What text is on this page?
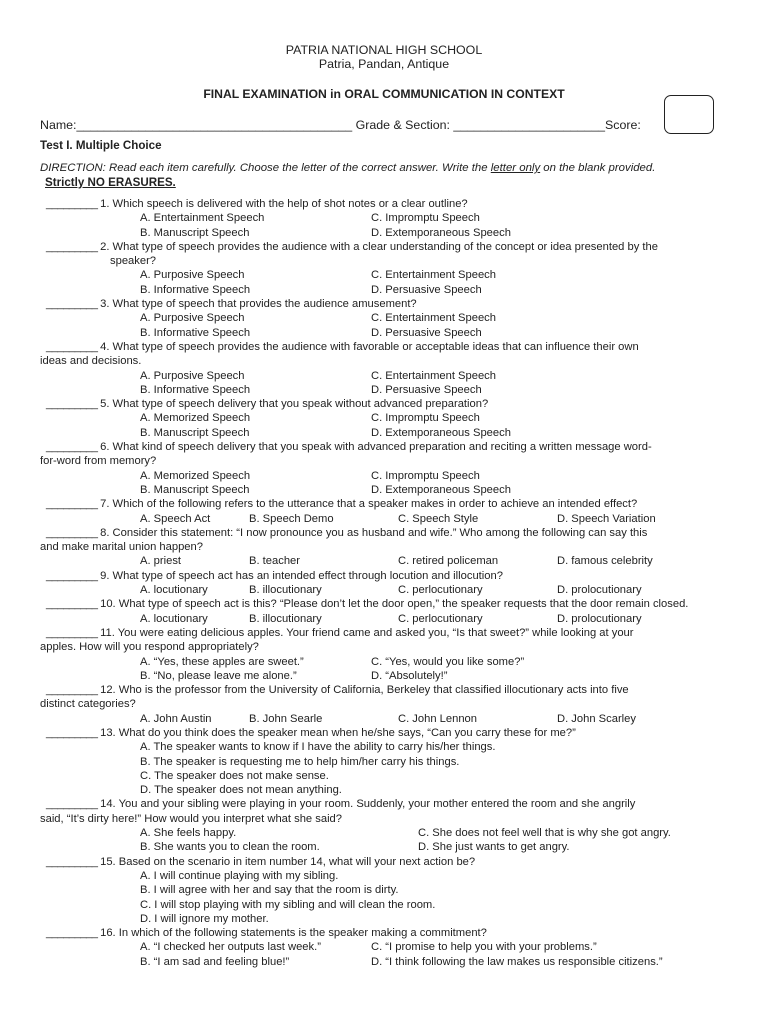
PATRIA NATIONAL HIGH SCHOOL
Patria, Pandan, Antique
FINAL EXAMINATION in ORAL COMMUNICATION IN CONTEXT
Name:________________________________________ Grade & Section: ______________________Score:
Test I. Multiple Choice
DIRECTION: Read each item carefully. Choose the letter of the correct answer. Write the letter only on the blank provided.
Strictly NO ERASURES.
_________ 1. Which speech is delivered with the help of shot notes or a clear outline?
A. Entertainment Speech	C. Impromptu Speech
B. Manuscript Speech	D. Extemporaneous Speech
_________ 2. What type of speech provides the audience with a clear understanding of the concept or idea presented by the
speaker?
A. Purposive Speech	C. Entertainment Speech
B. Informative Speech	D. Persuasive Speech
_________ 3. What type of speech that provides the audience amusement?
A. Purposive Speech	C. Entertainment Speech
B. Informative Speech	D. Persuasive Speech
_________ 4. What type of speech provides the audience with favorable or acceptable ideas that can influence their own
ideas and decisions.
A. Purposive Speech	C. Entertainment Speech
B. Informative Speech	D. Persuasive Speech
_________ 5. What type of speech delivery that you speak without advanced preparation?
A. Memorized Speech	C. Impromptu Speech
B. Manuscript Speech	D. Extemporaneous Speech
_________ 6. What kind of speech delivery that you speak with advanced preparation and reciting a written message word-
for-word from memory?
A. Memorized Speech	C. Impromptu Speech
B. Manuscript Speech	D. Extemporaneous Speech
_________ 7. Which of the following refers to the utterance that a speaker makes in order to achieve an intended effect?
A. Speech Act	B. Speech Demo	C. Speech Style	D. Speech Variation
_________ 8. Consider this statement: “I now pronounce you as husband and wife.” Who among the following can say this
and make marital union happen?
A. priest	B. teacher	C. retired policeman	D. famous celebrity
_________ 9. What type of speech act has an intended effect through locution and illocution?
A. locutionary	B. illocutionary	C. perlocutionary	D. prolocutionary
_________ 10. What type of speech act is this? “Please don’t let the door open,” the speaker requests that the door remain closed.
A. locutionary	B. illocutionary	C. perlocutionary	D. prolocutionary
_________ 11. You were eating delicious apples. Your friend came and asked you, “Is that sweet?” while looking at your
apples. How will you respond appropriately?
A. “Yes, these apples are sweet.”	C. “Yes, would you like some?”
B. “No, please leave me alone.”	D. “Absolutely!”
_________ 12. Who is the professor from the University of California, Berkeley that classified illocutionary acts into five
distinct categories?
A. John Austin	B. John Searle	C. John Lennon	D. John Scarley
_________ 13. What do you think does the speaker mean when he/she says, “Can you carry these for me?”
A. The speaker wants to know if I have the ability to carry his/her things.
B. The speaker is requesting me to help him/her carry his things.
C. The speaker does not make sense.
D. The speaker does not mean anything.
_________ 14. You and your sibling were playing in your room. Suddenly, your mother entered the room and she angrily
said, “It’s dirty here!” How would you interpret what she said?
A. She feels happy.	C. She does not feel well that is why she got angry.
B. She wants you to clean the room.	D. She just wants to get angry.
_________ 15. Based on the scenario in item number 14, what will your next action be?
A. I will continue playing with my sibling.
B. I will agree with her and say that the room is dirty.
C. I will stop playing with my sibling and will clean the room.
D. I will ignore my mother.
_________ 16. In which of the following statements is the speaker making a commitment?
A. “I checked her outputs last week.”	C. “I promise to help you with your problems.”
B. “I am sad and feeling blue!”	D. “I think following the law makes us responsible citizens.”
